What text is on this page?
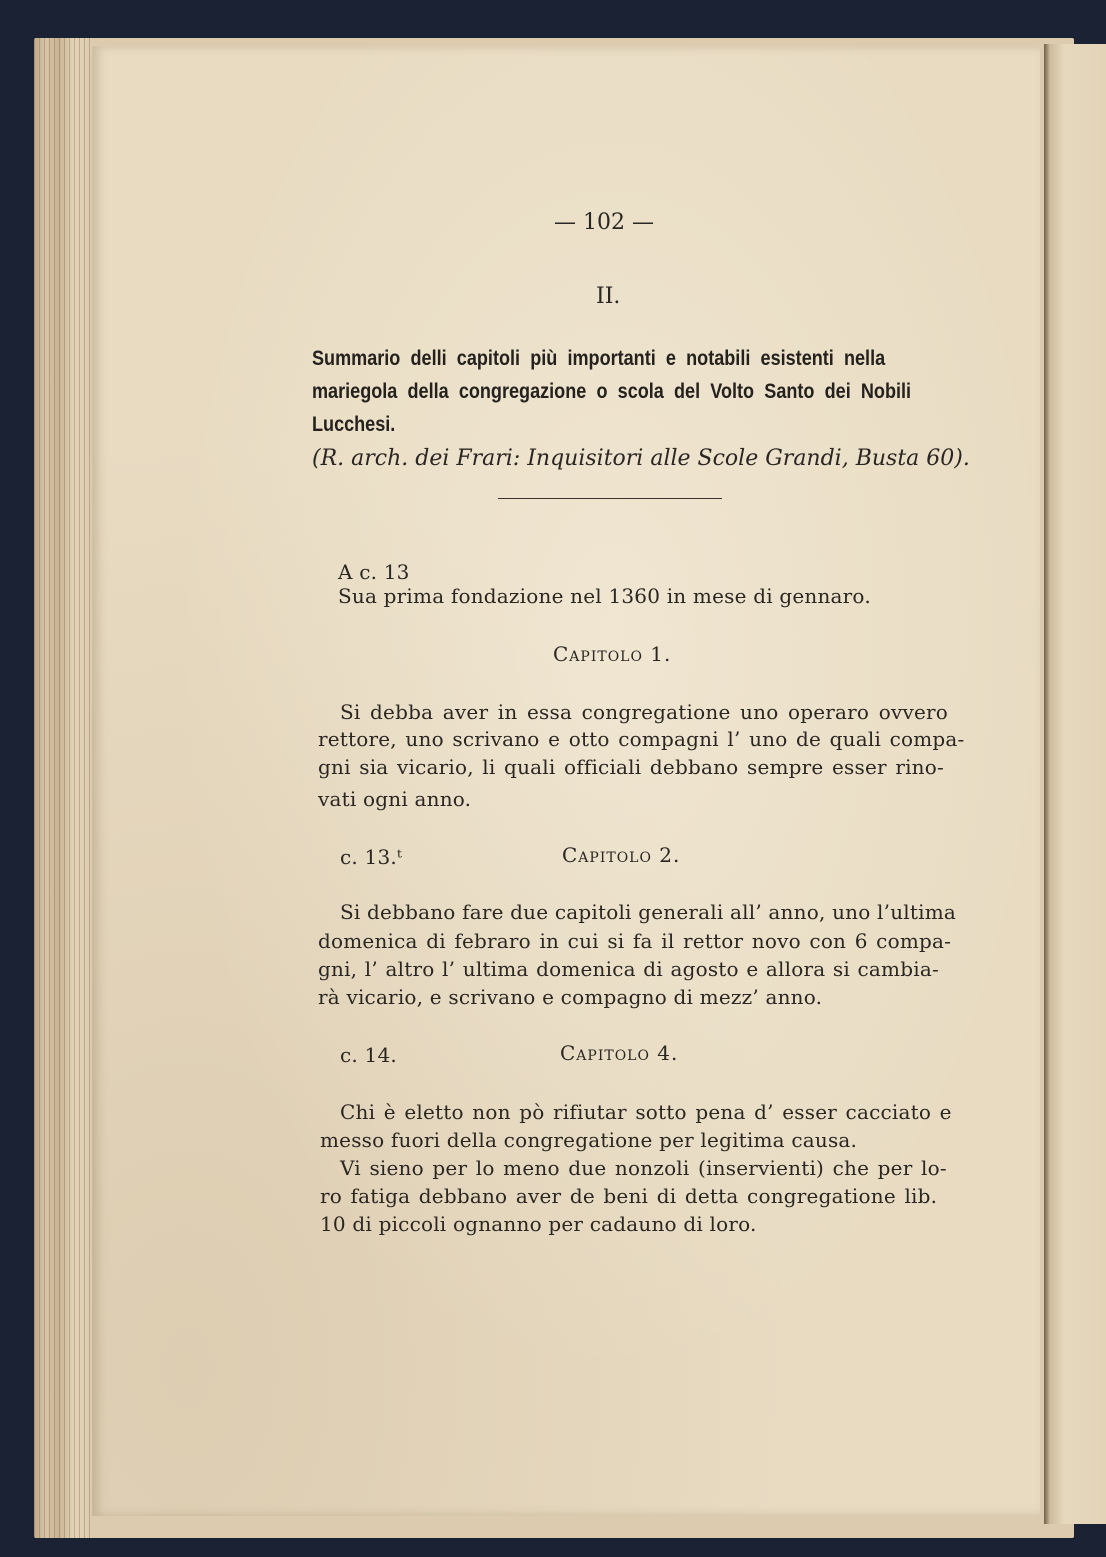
— 102 —
II.
Summario delli capitoli più importanti e notabili esistenti nella
mariegola della congregazione o scola del Volto Santo dei Nobili
Lucchesi.
(R. arch. dei Frari: Inquisitori alle Scole Grandi, Busta 60).
A c. 13
Sua prima fondazione nel 1360 in mese di gennaro.
Capitolo 1.
Si debba aver in essa congregatione uno operaro ovvero
rettore, uno scrivano e otto compagni l’ uno de quali compa-
gni sia vicario, li quali officiali debbano sempre esser rino-
vati ogni anno.
c. 13.ᵗ	Capitolo 2.
Si debbano fare due capitoli generali all’ anno, uno l’ultima
domenica di febraro in cui si fa il rettor novo con 6 compa-
gni, l’ altro l’ ultima domenica di agosto e allora si cambia-
rà vicario, e scrivano e compagno di mezz’ anno.
c. 14.	Capitolo 4.
Chi è eletto non pò rifiutar sotto pena d’ esser cacciato e
messo fuori della congregatione per legitima causa.
Vi sieno per lo meno due nonzoli (inservienti) che per lo-
ro fatiga debbano aver de beni di detta congregatione lib.
10 di piccoli ognanno per cadauno di loro.
